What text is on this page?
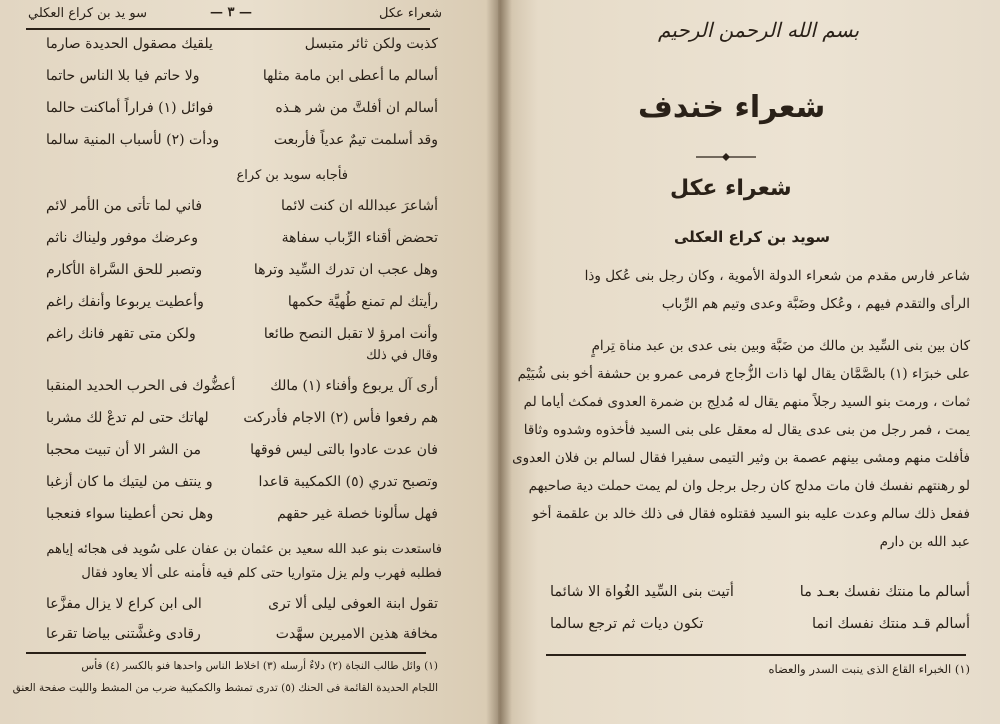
شعراء عكل
— ٣ —
سو يد بن كراع العكلي
كذبت ولكن ثائر متبسل
يلقيك مصقول الحديدة صارما
أسالم ما أعطى ابن مامة مثلها
ولا حاتم فيا بلا الناس حاتما
أسالم ان أفلتَّ من شر هـذه
فوائل (١) فراراً أماكنت حالما
وقد أسلمت تيمٌ عدياً فأربعت
ودأت (٢) لأسباب المنية سالما
فأجابه سويد بن كراع
أشاعرَ عبدالله ان كنت لائما
فاني لما تأتى من الأمر لائم
تحضض أقناء الرِّباب سفاهة
وعرضك موفور وليناك ناثم
وهل عجب ان تدرك السِّيد وترها
وتصبر للحق السَّراة الأكارم
رأيتك لم تمنع طُهيَّة حكمها
وأعطيت يربوعا وأنفك راغم
وأنت امرؤ لا تقبل النصح طائعا
ولكن متى تقهر فانك راغم
وقال في ذلك
أرى آل يربوع وأفناء (١) مالك
أعضُّوك فى الحرب الحديد المنقبا
هم رفعوا فأس (٢) الاجام فأدركت
لهاتك حتى لم تدعْ لك مشربا
فان عدت عادوا بالتى ليس فوقها
من الشر الا أن تبيت محجبا
وتصبح تدري (٥) الكمكيبة قاعدا
و ينتف من ليتيك ما كان أزغبا
فهل سألونا خصلة غير حقهم
وهل نحن أعطينا سواء فنعجبا
فاستعدت بنو عبد الله سعيد بن عثمان بن عفان على سُويد فى هجائه إياهم
فطلبه فهرب ولم يزل متواريا حتى كلم فيه فأمنه على ألا يعاود فقال
تقول ابنة العوفى ليلى ألا ترى
الى ابن كراع لا يزال مفزَّعا
مخافة هذين الاميرين سهَّدت
رقادى وغشَّتنى بياضا تقرعا
(١) وائل طالب النجاة (٢) دلاءٌ أرسله (٣) اخلاط الناس واحدها فنو بالكسر (٤) فأس
اللجام الحديدة القائمة فى الحنك (٥) تدرى تمشط والكمكيبة ضرب من المشط والليت صفحة العنق
بسم الله الرحمن الرحيم
شعراء خندف
شعراء عكل
سويد بن كراع العكلى
شاعر فارس مقدم من شعراء الدولة الأموية ، وكان رجل بنى عُكل وذا
الرأى والتقدم فيهم ، وعُكل وضَبَّة وعدى وتيم هم الرِّباب
كان بين بنى السِّيد بن مالك من ضَبَّة وبين بنى عدى بن عبد مناة تِرامٍ
على خبرَاء (١) بالصَّمَّان يقال لها ذات الزُّجاج فرمى عمرو بن حشفة أخو بنى شُيَيْم
ثمات ، ورمت بنو السيد رجلاً منهم يقال له مُدلِج بن ضمرة العدوى فمكث أياما لم
يمت ، فمر رجل من بنى عدى يقال له معقل على بنى السيد فأخذوه وشدوه وثاقا
فأفلت منهم ومشى بينهم عصمة بن وثير التيمى سفيرا فقال لسالم بن فلان العدوى
لو رهنتهم نفسك فان مات مدلج كان رجل برجل وان لم يمت حملت دية صاحبهم
ففعل ذلك سالم وعدت عليه بنو السيد فقتلوه فقال فى ذلك خالد بن علقمة أخو
عبد الله بن دارم
أسالم ما منتك نفسك بعـد ما
أتيت بنى السِّيد الغُواة الا شائما
أسالم قـد منتك نفسك انما
تكون ديات ثم ترجع سالما
(١) الخبراء القاع الذى ينبت السدر والعضاه
